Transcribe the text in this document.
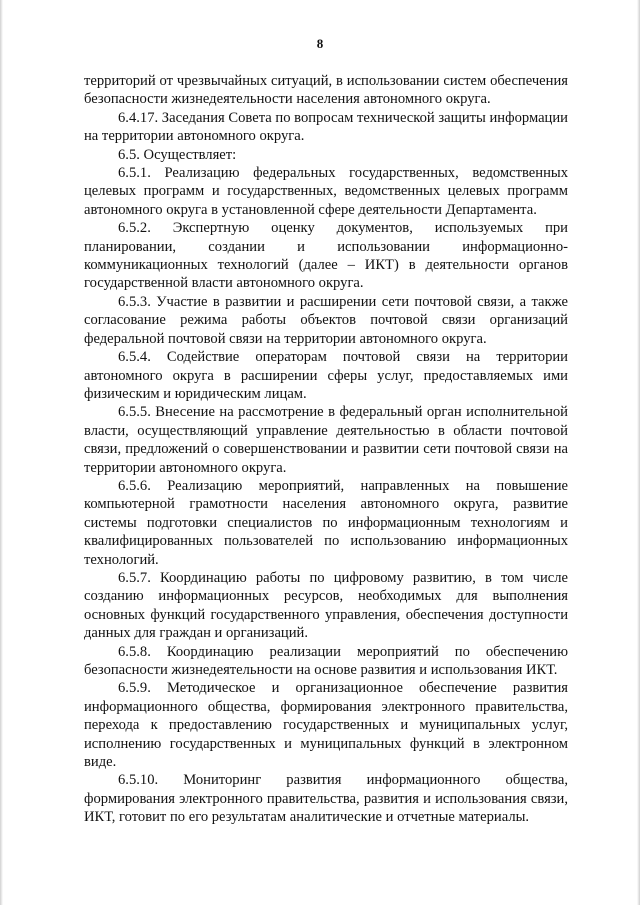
8

территорий от чрезвычайных ситуаций, в использовании систем обеспечения безопасности жизнедеятельности населения автономного округа.

6.4.17. Заседания Совета по вопросам технической защиты информации на территории автономного округа.

6.5. Осуществляет:

6.5.1. Реализацию федеральных государственных, ведомственных целевых программ и государственных, ведомственных целевых программ автономного округа в установленной сфере деятельности Департамента.

6.5.2. Экспертную оценку документов, используемых при планировании, создании и использовании информационно-коммуникационных технологий (далее – ИКТ) в деятельности органов государственной власти автономного округа.

6.5.3. Участие в развитии и расширении сети почтовой связи, а также согласование режима работы объектов почтовой связи организаций федеральной почтовой связи на территории автономного округа.

6.5.4. Содействие операторам почтовой связи на территории автономного округа в расширении сферы услуг, предоставляемых ими физическим и юридическим лицам.

6.5.5. Внесение на рассмотрение в федеральный орган исполнительной власти, осуществляющий управление деятельностью в области почтовой связи, предложений о совершенствовании и развитии сети почтовой связи на территории автономного округа.

6.5.6. Реализацию мероприятий, направленных на повышение компьютерной грамотности населения автономного округа, развитие системы подготовки специалистов по информационным технологиям и квалифицированных пользователей по использованию информационных технологий.

6.5.7. Координацию работы по цифровому развитию, в том числе созданию информационных ресурсов, необходимых для выполнения основных функций государственного управления, обеспечения доступности данных для граждан и организаций.

6.5.8. Координацию реализации мероприятий по обеспечению безопасности жизнедеятельности на основе развития и использования ИКТ.

6.5.9. Методическое и организационное обеспечение развития информационного общества, формирования электронного правительства, перехода к предоставлению государственных и муниципальных услуг, исполнению государственных и муниципальных функций в электронном виде.

6.5.10. Мониторинг развития информационного общества, формирования электронного правительства, развития и использования связи, ИКТ, готовит по его результатам аналитические и отчетные материалы.
